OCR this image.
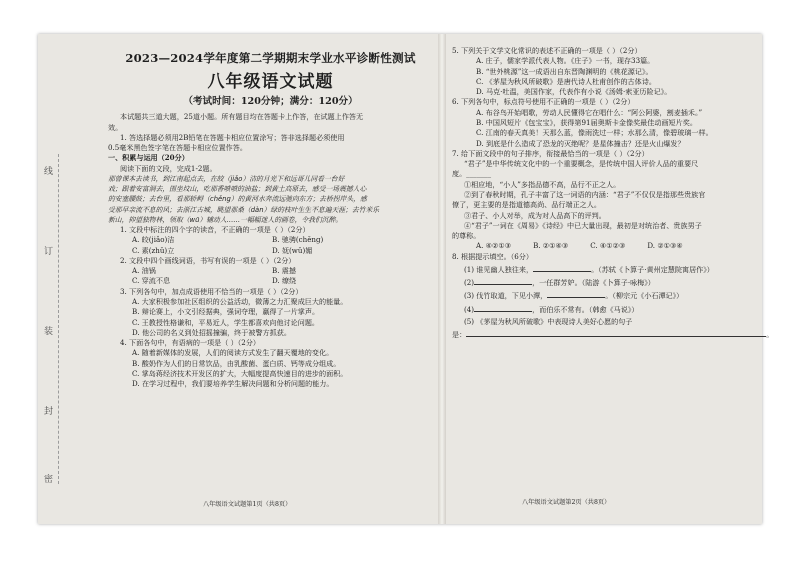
线
订
装
封
密
2023—2024学年度第二学期期末学业水平诊断性测试
八年级语文试题
（考试时间：120分钟；满分：120分）

本试题共三道大题，25道小题。所有题目均在答题卡上作答，在试题上作答无

效。

1. 答选择题必须用2B铅笔在答题卡相应位置涂写；答非选择题必须使用

0.5毫米黑色签字笔在答题卡相应位置作答。

一、积累与运用（20分）

阅读下面的文段，完成1-2题。

那曾课本去读书，到江南起点去，在皎（jiǎo）洁的月光下和远哥儿同看一台好

戏；跟着安富洞去，围坐坟山，吃那香喷喷的油盐；到黄土高原去，感受一场震撼人心

的安塞腰鼓；去台里，看那轿鲟（chěng）的黄河水奔流远驰向东方；去桥拐岸头，感

受那早亲流不息的风；去浙江古城，眺望那桑（dàn）绿的枝叶生生不息遍天涯；去竹米乐

新山，抑望独物林，领取（wū）辅动人……一幅幅迷人的画卷，令我们沉醉。

1. 文段中标注的四个字的读音，不正确的一项是（ ）（2分）

A. 皎(jiǎo)洁	B. 驰骋(chěng)
C. 素(zhǔ)立	D. 妩(wǔ)媚

2. 文段中四个画线词语，书写有误的一项是（ ）（2分）

A. 油锅	B. 震撼
C. 穿流不息	D. 缭绕

3. 下列各句中，加点成语使用不恰当的一项是（ ）（2分）

A. 大家积极参加社区组织的公益活动，微薄之力汇聚成巨大的能量。

B. 辩论赛上，小文引经据典，强词夺理，赢得了一片掌声。

C. 王教授性格谦和，平易近人，学生都喜欢向他讨论问题。

D. 他公司的名义到处招摇撞骗，终于被警方抓获。

4. 下面各句中，有语病的一项是（ ）（2分）

A. 随着新媒体的发展，人们的阅读方式发生了翻天覆地的变化。

B. 酸奶作为人们的日常饮品，由乳酸菌、蛋白质、钙等成分组成。

C. 掌岛蒋经济技术开发区的扩大，大幅度提高快速目的进步的面积。

D. 在学习过程中，我们要培养学生解决问题和分析问题的能力。

八年级语文试题第1页（共8页）

5. 下列关于文学文化常识的表述不正确的一项是（ ）（2分）

A. 庄子，儒家学派代表人物。《庄子》一书，现存33篇。

B. “世外桃源”这一成语出自东晋陶渊明的《桃花源记》。

C. 《茅屋为秋风所破歌》是唐代诗人杜甫创作的古体诗。

D. 马克·吐温，美国作家，代表作有小说《汤姆·索亚历险记》。

6. 下列各句中，标点符号使用不正确的一项是（ ）（2分）

A. 布谷鸟开始唱歌，劳动人民懂得它在唱什么：“阿公阿婆，割麦插禾。”

B. 中国风短片《包宝宝》，获得第91届奥斯卡金像奖最佳动画短片奖。

C. 江南的春天真美！天那么蓝，像雨洗过一样；水那么清，像碧玻璃一样。

D. 到底是什么造成了恐龙的灭绝呢？是星体撞击？还是火山爆发？

7. 给下面文段中的句子排序，衔接最恰当的一项是（ ）（2分）

“君子”是中华传统文化中的一个重要概念，是传统中国人评价人品的重要尺

度。_______

①相应地，“小人”多指品德不高，品行不正之人。

②到了春秋时期，孔子丰富了这一词语的内涵：“君子”不仅仅是指那些贵族官

僚了，更主要的是指道德高尚、品行端正之人。

③君子、小人对举，成为对人品高下的评判。

④“君子”一词在《周易》《诗经》中已大量出现，最初是对统治者、贵族男子

的尊称。

A. ④②①③	B. ②①④③	C. ④①②③	D. ②①③④

8. 根据提示填空。（6分）

(1) 谁见幽人独往来，	。（苏轼《卜算子·黄州定慧院寓居作》）

(2)	，一任群芳妒。（陆游《卜算子·咏梅》）

(3) 伐竹取道，下见小潭，	。（柳宗元《小石潭记》）

(4)	，而伯乐不常有。（韩愈《马说》）

(5) 《茅屋为秋风所破歌》中表现诗人美好心愿的句子

是：	。

八年级语文试题第2页（共8页）
